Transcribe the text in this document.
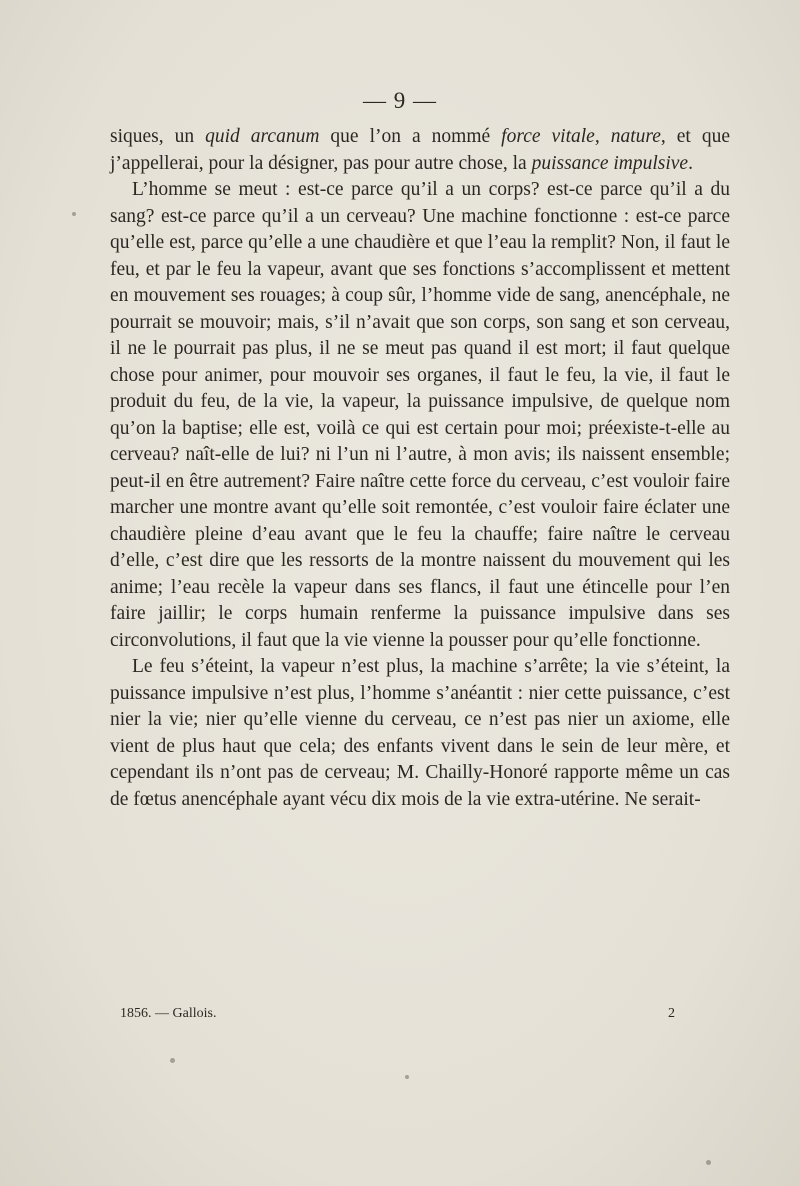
— 9 —

siques, un quid arcanum que l’on a nommé force vitale, nature, et que j’appellerai, pour la désigner, pas pour autre chose, la puissance impulsive.

L’homme se meut : est-ce parce qu’il a un corps? est-ce parce qu’il a du sang? est-ce parce qu’il a un cerveau? Une machine fonctionne : est-ce parce qu’elle est, parce qu’elle a une chaudière et que l’eau la remplit? Non, il faut le feu, et par le feu la vapeur, avant que ses fonctions s’accomplissent et mettent en mouvement ses rouages; à coup sûr, l’homme vide de sang, anencéphale, ne pourrait se mouvoir; mais, s’il n’avait que son corps, son sang et son cerveau, il ne le pourrait pas plus, il ne se meut pas quand il est mort; il faut quelque chose pour animer, pour mouvoir ses organes, il faut le feu, la vie, il faut le produit du feu, de la vie, la vapeur, la puissance impulsive, de quelque nom qu’on la baptise; elle est, voilà ce qui est certain pour moi; préexiste-t-elle au cerveau? naît-elle de lui? ni l’un ni l’autre, à mon avis; ils naissent ensemble; peut-il en être autrement? Faire naître cette force du cerveau, c’est vouloir faire marcher une montre avant qu’elle soit remontée, c’est vouloir faire éclater une chaudière pleine d’eau avant que le feu la chauffe; faire naître le cerveau d’elle, c’est dire que les ressorts de la montre naissent du mouvement qui les anime; l’eau recèle la vapeur dans ses flancs, il faut une étincelle pour l’en faire jaillir; le corps humain renferme la puissance impulsive dans ses circonvolutions, il faut que la vie vienne la pousser pour qu’elle fonctionne.

Le feu s’éteint, la vapeur n’est plus, la machine s’arrête; la vie s’éteint, la puissance impulsive n’est plus, l’homme s’anéantit : nier cette puissance, c’est nier la vie; nier qu’elle vienne du cerveau, ce n’est pas nier un axiome, elle vient de plus haut que cela; des enfants vivent dans le sein de leur mère, et cependant ils n’ont pas de cerveau; M. Chailly-Honoré rapporte même un cas de fœtus anencéphale ayant vécu dix mois de la vie extra-utérine. Ne serait-

1856. — Gallois.	2
